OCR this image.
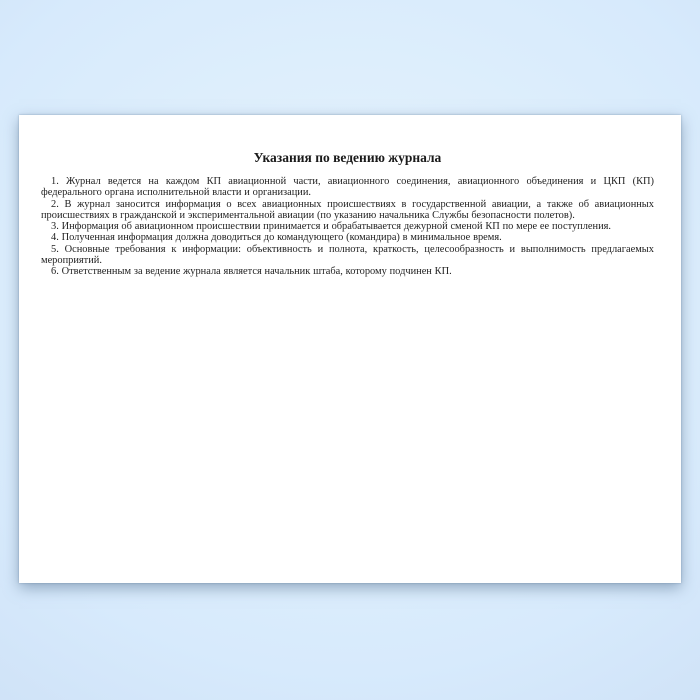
Указания по ведению журнала

1. Журнал ведется на каждом КП авиационной части, авиационного соединения, авиационного объединения и ЦКП (КП) федерального органа исполнительной власти и организации.

2. В журнал заносится информация о всех авиационных происшествиях в государственной авиации, а также об авиационных происшествиях в гражданской и экспериментальной авиации (по указанию начальника Службы безопасности полетов).

3. Информация об авиационном происшествии принимается и обрабатывается дежурной сменой КП по мере ее поступления.

4. Полученная информация должна доводиться до командующего (командира) в минимальное время.

5. Основные требования к информации: объективность и полнота, краткость, целесообразность и выполнимость предлагаемых мероприятий.

6. Ответственным за ведение журнала является начальник штаба, которому подчинен КП.
